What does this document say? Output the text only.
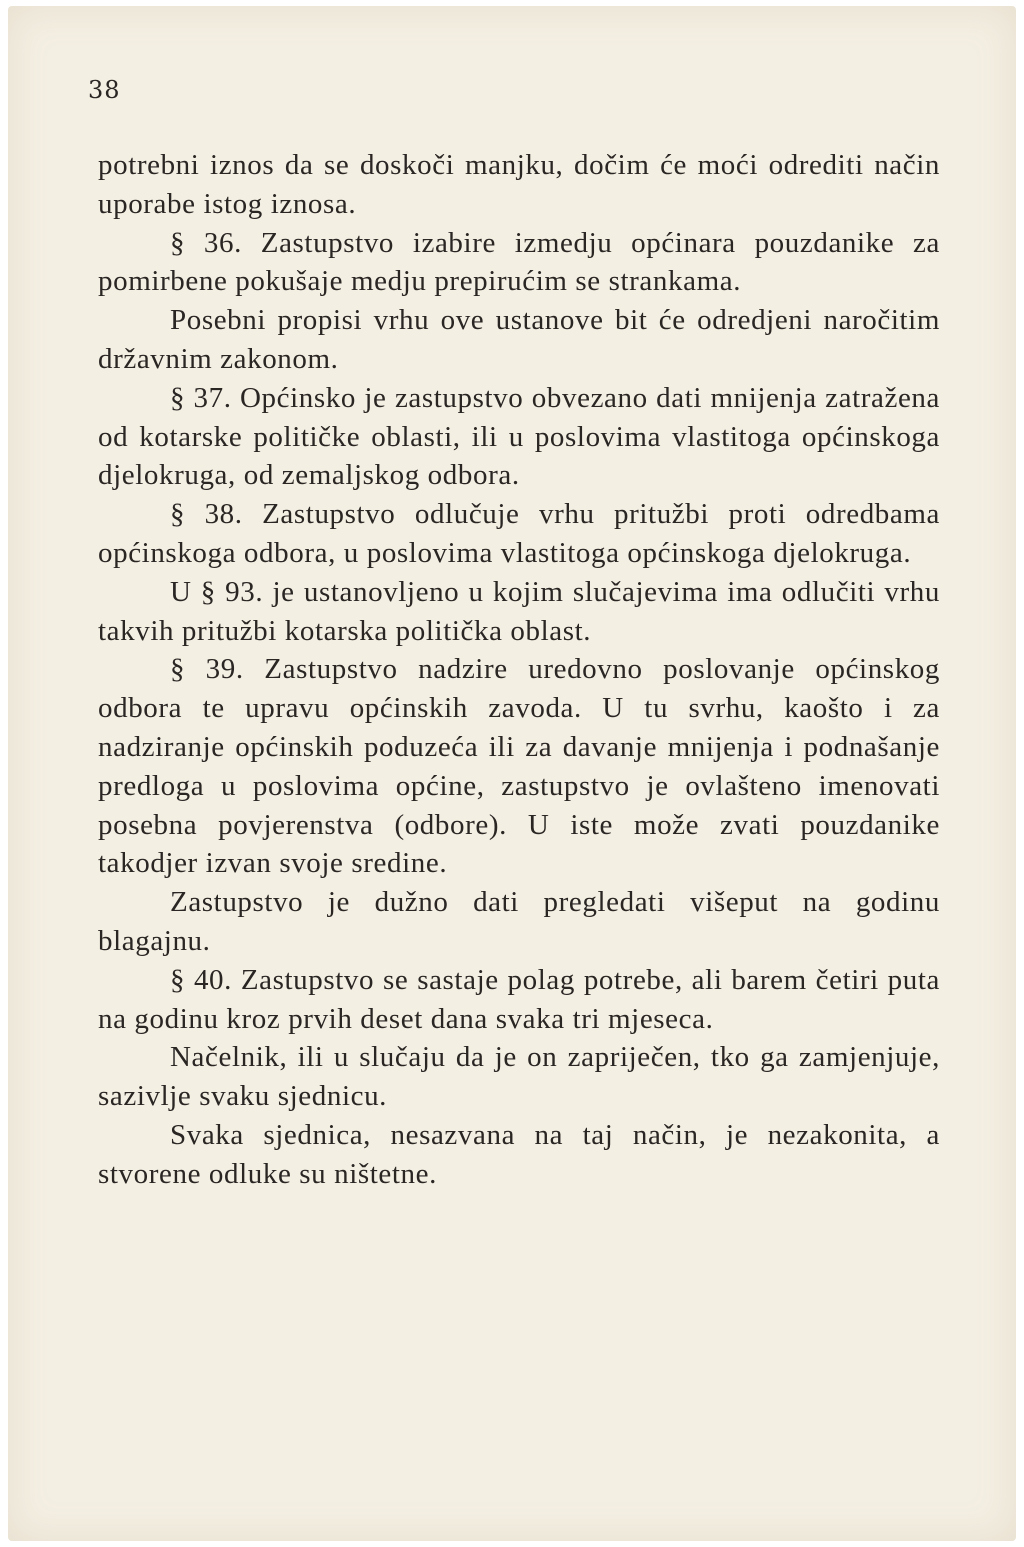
38

potrebni iznos da se doskoči manjku, dočim će moći odrediti način uporabe istog iznosa.

§ 36. Zastupstvo izabire izmedju općinara pouzdanike za pomirbene pokušaje medju prepirućim se strankama.

Posebni propisi vrhu ove ustanove bit će odredjeni naročitim državnim zakonom.

§ 37. Općinsko je zastupstvo obvezano dati mnijenja zatražena od kotarske političke oblasti, ili u poslovima vlastitoga općinskoga djelokruga, od zemaljskog odbora.

§ 38. Zastupstvo odlučuje vrhu pritužbi proti odredbama općinskoga odbora, u poslovima vlastitoga općinskoga djelokruga.

U § 93. je ustanovljeno u kojim slučajevima ima odlučiti vrhu takvih pritužbi kotarska politička oblast.

§ 39. Zastupstvo nadzire uredovno poslovanje općinskog odbora te upravu općinskih zavoda. U tu svrhu, kaošto i za nadziranje općinskih poduzeća ili za davanje mnijenja i podnašanje predloga u poslovima općine, zastupstvo je ovlašteno imenovati posebna povjerenstva (odbore). U iste može zvati pouzdanike takodjer izvan svoje sredine.

Zastupstvo je dužno dati pregledati višeput na godinu blagajnu.

§ 40. Zastupstvo se sastaje polag potrebe, ali barem četiri puta na godinu kroz prvih deset dana svaka tri mjeseca.

Načelnik, ili u slučaju da je on zapriječen, tko ga zamjenjuje, sazivlje svaku sjednicu.

Svaka sjednica, nesazvana na taj način, je nezakonita, a stvorene odluke su ništetne.
